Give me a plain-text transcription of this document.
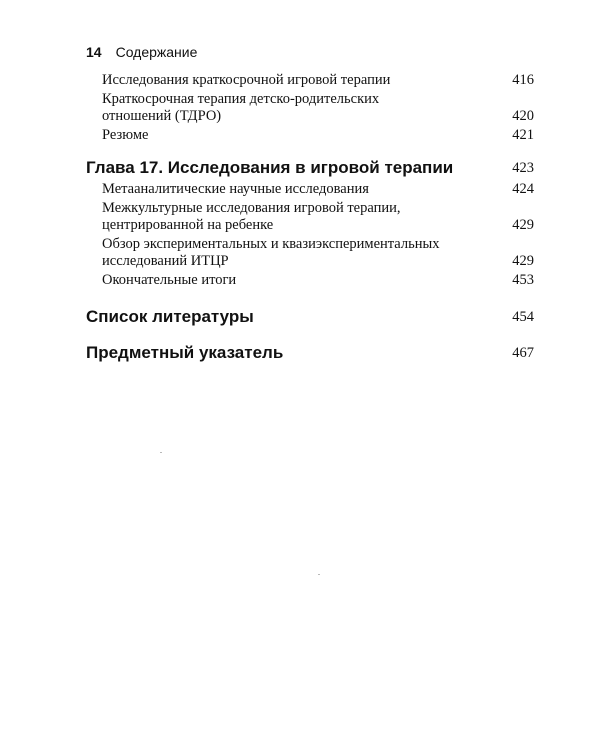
14 Содержание
Исследования краткосрочной игровой терапии	416
Краткосрочная терапия детско-родительских отношений (ТДРО)	420
Резюме	421
Глава 17. Исследования в игровой терапии	423
Метааналитические научные исследования	424
Межкультурные исследования игровой терапии, центрированной на ребенке	429
Обзор экспериментальных и квазиэкспериментальных исследований ИТЦР	429
Окончательные итоги	453
Список литературы	454
Предметный указатель	467
